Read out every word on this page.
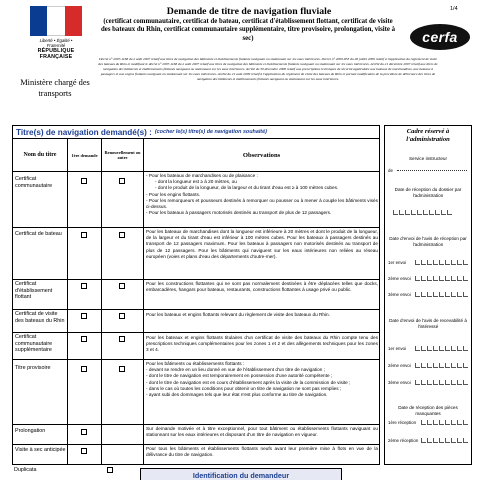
Liberté • Égalité • Fraternité
RÉPUBLIQUE FRANÇAISE
Ministère chargé des transports
Demande de titre de navigation fluviale
(certificat communautaire, certificat de bateau, certificat d'établissement flottant, certificat de visite des bateaux du Rhin, certificat communautaire supplémentaire, titre provisoire, prolongation, visite à sec)
1/4
cerfa
Décret n° 2007-1168 du 2 août 2007 relatif aux titres de navigation des bâtiments et établissements flottants naviguant ou stationnant sur les eaux intérieures. Décret n° 2009-853 du 28 juillet 2009 relatif à l'application du règlement de visite des bateaux du Rhin et modifiant le décret n° 2007-1168 du 2 août 2007 relatif aux titres de navigation des bâtiments et établissements flottants naviguant ou stationnant sur les eaux intérieures. Arrêté du 21 décembre 2007 relatif aux titres de navigation des bâtiments et établissements flottants naviguant ou stationnant sur les eaux intérieures. Arrêté du 30 décembre 2008 relatif aux prescriptions techniques de sécurité applicables aux bateaux de marchandises, aux bateaux à passagers et aux engins flottants naviguant ou stationnant sur les eaux intérieures. Arrêté du 21 août 2009 relatif à l'application du règlement de visite des bateaux du Rhin et portant modification de la procédure de délivrance des titres de navigation des bâtiments et établissements flottants naviguant ou stationnant sur les eaux intérieures.
Titre(s) de navigation demandé(s) : (cocher le(s) titre(s) de navigation souhaité)
Nom du titre	1ère demande	Renouvellement ou autre	Observations
Certificat communautaire
- Pour les bateaux de marchandises ou de plaisance :
- dont la longueur est ≥ à 20 mètres, ou
- dont le produit de la longueur, de la largeur et du tirant d'eau est ≥ à 100 mètres cubes.
- Pour les engins flottants.
- Pour les remorqueurs et pousseurs destinés à remorquer ou pousser ou à mener à couple les bâtiments visés ci-dessus.
- Pour les bateaux à passagers motorisés destinés au transport de plus de 12 passagers.
Certificat de bateau	Pour les bateaux de marchandises dont la longueur est inférieure à 20 mètres et dont le produit de la longueur, de la largeur et du tirant d'eau est inférieur à 100 mètres cubes. Pour les bateaux à passagers destinés au transport de 12 passagers maximum. Pour les bateaux à passagers non motorisés destinés au transport de plus de 12 passagers. Pour les bâtiments qui naviguent sur les eaux intérieures non reliées au réseau européen (voies et plans d'eau des départements d'outre-mer).
Certificat d'établissement flottant
Pour les constructions flottantes qui ne sont pas normalement destinées à être déplacées telles que docks, embarcadères, hangars pour bateaux, restaurants, constructions flottantes à usage privé ou public.
Certificat de visite des bateaux du Rhin
Pour les bateaux et engins flottants relevant du règlement de visite des bateaux du Rhin.
Certificat communautaire supplémentaire
Pour les bateaux et engins flottants titulaires d'un certificat de visite des bateaux du Rhin compte tenu des prescriptions techniques complémentaires pour les zones 1 et 2 et des allègements techniques pour les zones 3 et 4.
Titre provisoire
Pour les bâtiments ou établissements flottants :
- devant se rendre en un lieu donné en vue de l'établissement d'un titre de navigation ;
- dont le titre de navigation est temporairement en possession d'une autorité compétente ;
- dont le titre de navigation est en cours d'établissement après la visite de la commission de visite ;
- dans le cas où toutes les conditions pour obtenir un titre de navigation ne sont pas remplies ;
- ayant subi des dommages tels que leur état n'est plus conforme au titre de navigation.
Prolongation	Sur demande motivée et à titre exceptionnel, pour tout bâtiment ou établissements flottants naviguant ou stationnant sur les eaux intérieures et disposant d'un titre de navigation en vigueur.
Visite à sec anticipée	Pour tous les bâtiments et établissements flottants neufs avant leur première mise à flots en vue de la délivrance du titre de navigation.
Duplicata
Cadre réservé à l'administration
Service instructeur
de
Date de réception du dossier par l'administration
Date d'envoi de l'avis de réception par l'administration
1er envoi
2ème envoi
3ème envoi
Date d'envoi de l'avis de recevabilité à l'intéressé
1er envoi
2ème envoi
3ème envoi
Date de réception des pièces manquantes
1ère réception
2ème réception
Identification du demandeur
